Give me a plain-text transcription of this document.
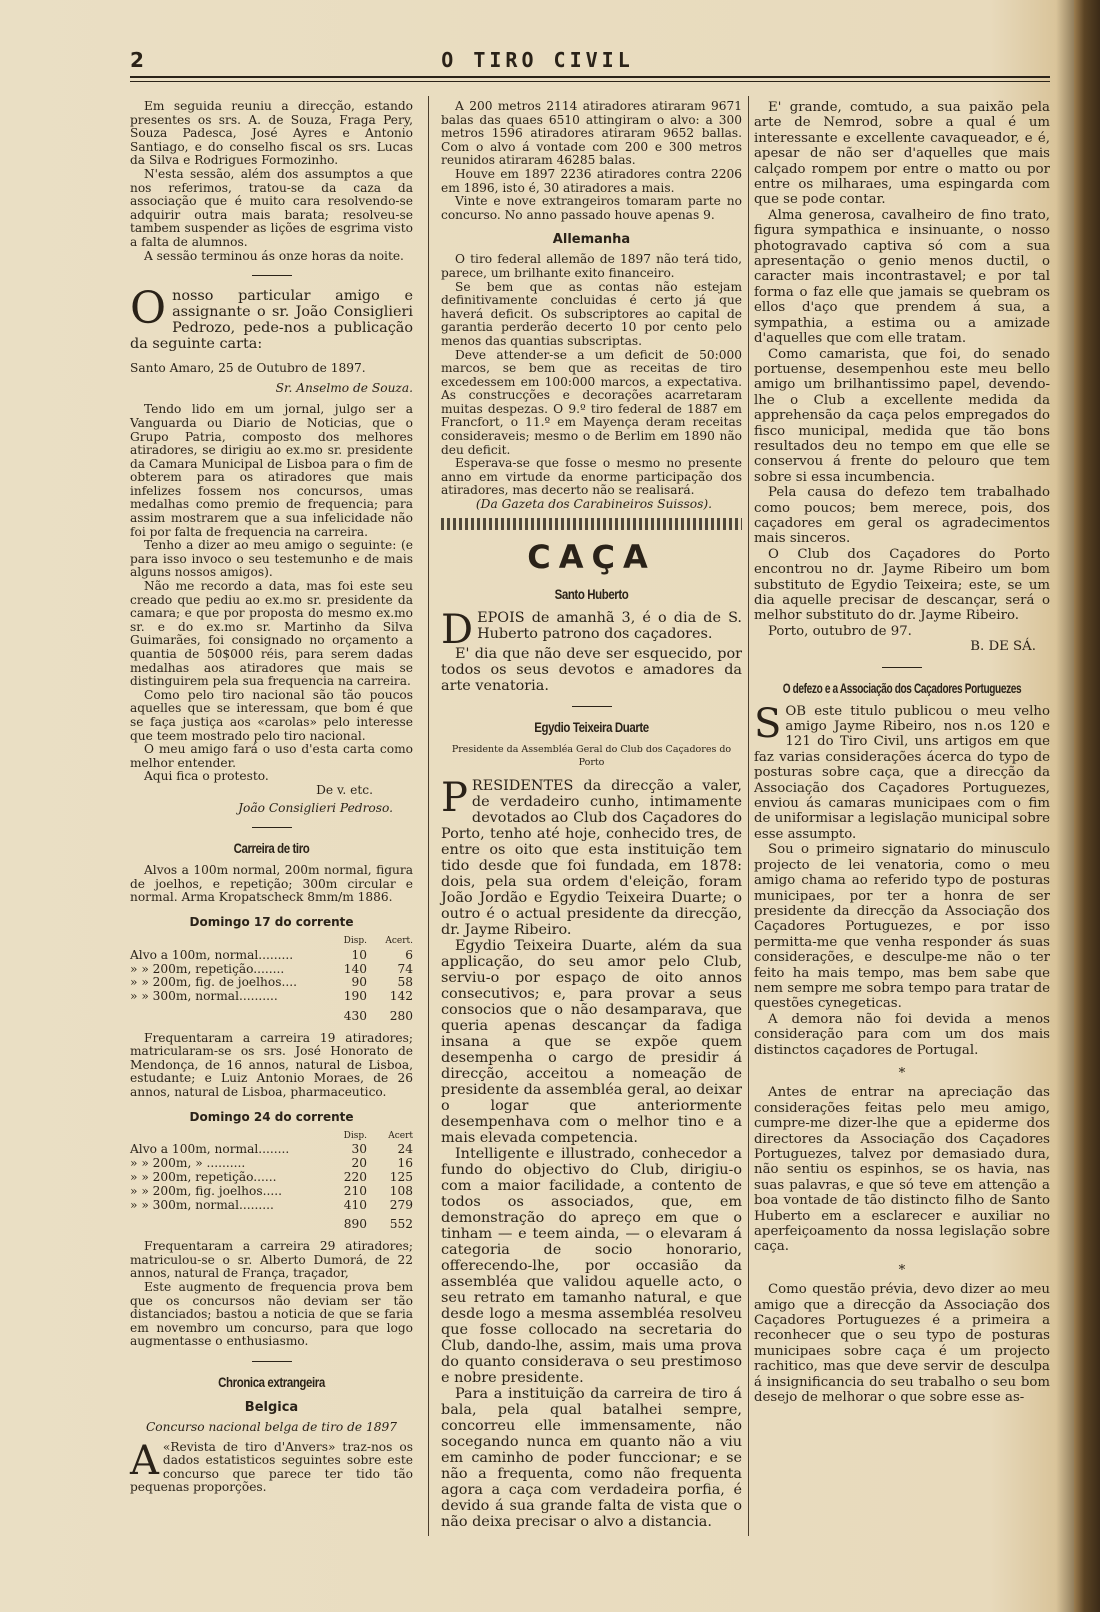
2	O TIRO CIVIL

Em seguida reuniu a direcção, estando presentes os srs. A. de Souza, Fraga Pery, Souza Padesca, José Ayres e Antonio Santiago, e do conselho fiscal os srs. Lucas da Silva e Rodrigues Formozinho.

N'esta sessão, além dos assumptos a que nos referimos, tratou-se da caza da associação que é muito cara resolvendo-se adquirir outra mais barata; resolveu-se tambem suspender as lições de esgrima visto a falta de alumnos.

A sessão terminou ás onze horas da noite.

Onosso particular amigo e assignante o sr. João Consiglieri Pedrozo, pede-nos a publicação da seguinte carta:

Santo Amaro, 25 de Outubro de 1897.

Sr. Anselmo de Souza.

Tendo lido em um jornal, julgo ser a Vanguarda ou Diario de Noticias, que o Grupo Patria, composto dos melhores atiradores, se dirigiu ao ex.mo sr. presidente da Camara Municipal de Lisboa para o fim de obterem para os atiradores que mais infelizes fossem nos concursos, umas medalhas como premio de frequencia; para assim mostrarem que a sua infelicidade não foi por falta de frequencia na carreira.

Tenho a dizer ao meu amigo o seguinte: (e para isso invoco o seu testemunho e de mais alguns nossos amigos).

Não me recordo a data, mas foi este seu creado que pediu ao ex.mo sr. presidente da camara; e que por proposta do mesmo ex.mo sr. e do ex.mo sr. Martinho da Silva Guimarães, foi consignado no orçamento a quantia de 50$000 réis, para serem dadas medalhas aos atiradores que mais se distinguirem pela sua frequencia na carreira.

Como pelo tiro nacional são tão poucos aquelles que se interessam, que bom é que se faça justiça aos «carolas» pelo interesse que teem mostrado pelo tiro nacional.

O meu amigo fará o uso d'esta carta como melhor entender.

Aqui fica o protesto.

De v. etc.

João Consiglieri Pedroso.

Carreira de tiro

Alvos a 100m normal, 200m normal, figura de joelhos, e repetição; 300m circular e normal. Arma Kropatscheck 8mm/m 1886.

Domingo 17 do corrente
	Disp.	Acert.
Alvo a 100m, normal.........	10	6
» » 200m, repetição........	140	74
» » 200m, fig. de joelhos....	90	58
» » 300m, normal..........	190	142
	430	280

Frequentaram a carreira 19 atiradores; matricularam-se os srs. José Honorato de Mendonça, de 16 annos, natural de Lisboa, estudante; e Luiz Antonio Moraes, de 26 annos, natural de Lisboa, pharmaceutico.

Domingo 24 do corrente
	Disp.	Acert
Alvo a 100m, normal........	30	24
» » 200m, » ..........	20	16
» » 200m, repetição......	220	125
» » 200m, fig. joelhos.....	210	108
» » 300m, normal.........	410	279
	890	552

Frequentaram a carreira 29 atiradores; matriculou-se o sr. Alberto Dumorá, de 22 annos, natural de França, traçador,

Este augmento de frequencia prova bem que os concursos não deviam ser tão distanciados; bastou a noticia de que se faria em novembro um concurso, para que logo augmentasse o enthusiasmo.

Chronica extrangeira
Belgica

Concurso nacional belga de tiro de 1897

A «Revista de tiro d'Anvers» traz-nos os dados estatisticos seguintes sobre este concurso que parece ter tido tão pequenas proporções.

A 200 metros 2114 atiradores atiraram 9671 balas das quaes 6510 attingiram o alvo: a 300 metros 1596 atiradores atiraram 9652 ballas. Com o alvo á vontade com 200 e 300 metros reunidos atiraram 46285 balas.

Houve em 1897 2236 atiradores contra 2206 em 1896, isto é, 30 atiradores a mais.

Vinte e nove extrangeiros tomaram parte no concurso. No anno passado houve apenas 9.

Allemanha

O tiro federal allemão de 1897 não terá tido, parece, um brilhante exito financeiro.

Se bem que as contas não estejam definitivamente concluidas é certo já que haverá deficit. Os subscriptores ao capital de garantia perderão decerto 10 por cento pelo menos das quantias subscriptas.

Deve attender-se a um deficit de 50:000 marcos, se bem que as receitas de tiro excedessem em 100:000 marcos, a expectativa. As construcções e decorações acarretaram muitas despezas. O 9.º tiro federal de 1887 em Francfort, o 11.º em Mayença deram receitas consideraveis; mesmo o de Berlim em 1890 não deu deficit.

Esperava-se que fosse o mesmo no presente anno em virtude da enorme participação dos atiradores, mas decerto não se realisará.

(Da Gazeta dos Carabineiros Suissos).

CAÇA
Santo Huberto

DEPOIS de amanhã 3, é o dia de S. Huberto patrono dos caçadores.

E' dia que não deve ser esquecido, por todos os seus devotos e amadores da arte venatoria.

Egydio Teixeira Duarte

Presidente da Assembléa Geral do Club dos Caçadores do Porto

PRESIDENTES da direcção a valer, de verdadeiro cunho, intimamente devotados ao Club dos Caçadores do Porto, tenho até hoje, conhecido tres, de entre os oito que esta instituição tem tido desde que foi fundada, em 1878: dois, pela sua ordem d'eleição, foram João Jordão e Egydio Teixeira Duarte; o outro é o actual presidente da direcção, dr. Jayme Ribeiro.

Egydio Teixeira Duarte, além da sua applicação, do seu amor pelo Club, serviu-o por espaço de oito annos consecutivos; e, para provar a seus consocios que o não desamparava, que queria apenas descançar da fadiga insana a que se expõe quem desempenha o cargo de presidir á direcção, acceitou a nomeação de presidente da assembléa geral, ao deixar o logar que anteriormente desempenhava com o melhor tino e a mais elevada competencia.

Intelligente e illustrado, conhecedor a fundo do objectivo do Club, dirigiu-o com a maior facilidade, a contento de todos os associados, que, em demonstração do apreço em que o tinham — e teem ainda, — o elevaram á categoria de socio honorario, offerecendo-lhe, por occasião da assembléa que validou aquelle acto, o seu retrato em tamanho natural, e que desde logo a mesma assembléa resolveu que fosse collocado na secretaria do Club, dando-lhe, assim, mais uma prova do quanto considerava o seu prestimoso e nobre presidente.

Para a instituição da carreira de tiro á bala, pela qual batalhei sempre, concorreu elle immensamente, não socegando nunca em quanto não a viu em caminho de poder funccionar; e se não a frequenta, como não frequenta agora a caça com verdadeira porfia, é devido á sua grande falta de vista que o não deixa precisar o alvo a distancia.

E' grande, comtudo, a sua paixão pela arte de Nemrod, sobre a qual é um interessante e excellente cavaqueador, e é, apesar de não ser d'aquelles que mais calçado rompem por entre o matto ou por entre os milharaes, uma espingarda com que se pode contar.

Alma generosa, cavalheiro de fino trato, figura sympathica e insinuante, o nosso photogravado captiva só com a sua apresentação o genio menos ductil, o caracter mais incontrastavel; e por tal forma o faz elle que jamais se quebram os ellos d'aço que prendem á sua, a sympathia, a estima ou a amizade d'aquelles que com elle tratam.

Como camarista, que foi, do senado portuense, desempenhou este meu bello amigo um brilhantissimo papel, devendo-lhe o Club a excellente medida da apprehensão da caça pelos empregados do fisco municipal, medida que tão bons resultados deu no tempo em que elle se conservou á frente do pelouro que tem sobre si essa incumbencia.

Pela causa do defezo tem trabalhado como poucos; bem merece, pois, dos caçadores em geral os agradecimentos mais sinceros.

O Club dos Caçadores do Porto encontrou no dr. Jayme Ribeiro um bom substituto de Egydio Teixeira; este, se um dia aquelle precisar de descançar, será o melhor substituto do dr. Jayme Ribeiro.

Porto, outubro de 97.

B. DE SÁ.

O defezo e a Associação dos Caçadores Portuguezes

SOB este titulo publicou o meu velho amigo Jayme Ribeiro, nos n.os 120 e 121 do Tiro Civil, uns artigos em que faz varias considerações ácerca do typo de posturas sobre caça, que a direcção da Associação dos Caçadores Portuguezes, enviou ás camaras municipaes com o fim de uniformisar a legislação municipal sobre esse assumpto.

Sou o primeiro signatario do minusculo projecto de lei venatoria, como o meu amigo chama ao referido typo de posturas municipaes, por ter a honra de ser presidente da direcção da Associação dos Caçadores Portuguezes, e por isso permitta-me que venha responder ás suas considerações, e desculpe-me não o ter feito ha mais tempo, mas bem sabe que nem sempre me sobra tempo para tratar de questões cynegeticas.

A demora não foi devida a menos consideração para com um dos mais distinctos caçadores de Portugal.

*

Antes de entrar na apreciação das considerações feitas pelo meu amigo, cumpre-me dizer-lhe que a epiderme dos directores da Associação dos Caçadores Portuguezes, talvez por demasiado dura, não sentiu os espinhos, se os havia, nas suas palavras, e que só teve em attenção a boa vontade de tão distincto filho de Santo Huberto em a esclarecer e auxiliar no aperfeiçoamento da nossa legislação sobre caça.

*

Como questão prévia, devo dizer ao meu amigo que a direcção da Associação dos Caçadores Portuguezes é a primeira a reconhecer que o seu typo de posturas municipaes sobre caça é um projecto rachitico, mas que deve servir de desculpa á insignificancia do seu trabalho o seu bom desejo de melhorar o que sobre esse as-
